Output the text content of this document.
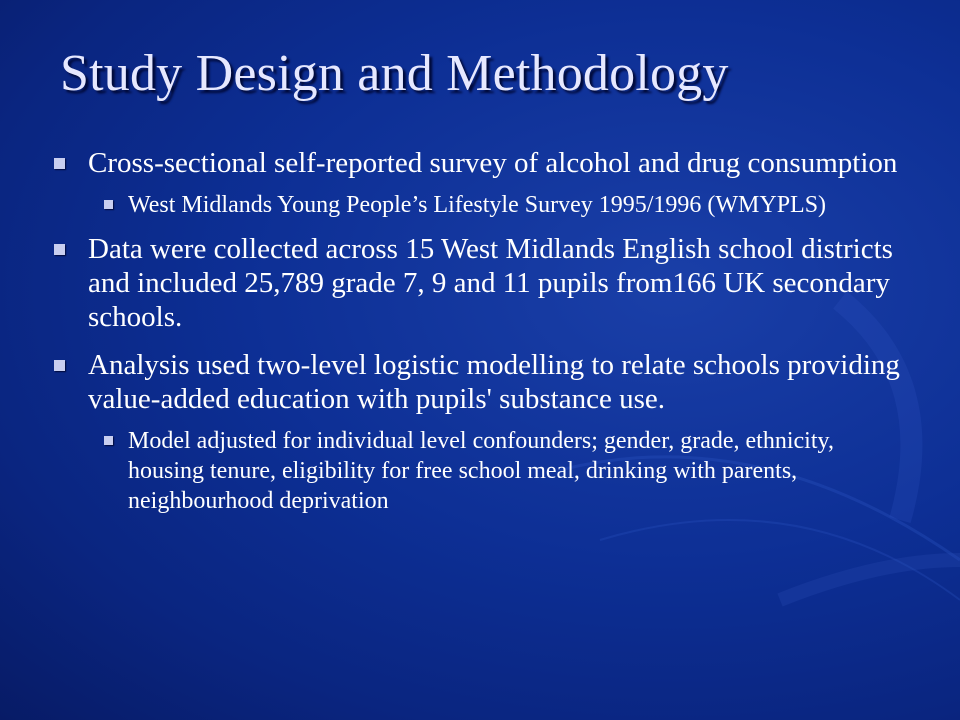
Study Design and Methodology
Cross-sectional self-reported survey of alcohol and drug consumption
West Midlands Young People’s Lifestyle Survey 1995/1996 (WMYPLS)
Data were collected across 15 West Midlands English school districts and included 25,789 grade 7, 9 and 11 pupils from166 UK secondary schools.
Analysis used two-level logistic modelling to relate schools providing value-added education with pupils' substance use.
Model adjusted for individual level confounders; gender, grade, ethnicity, housing tenure, eligibility for free school meal, drinking with parents, neighbourhood deprivation
